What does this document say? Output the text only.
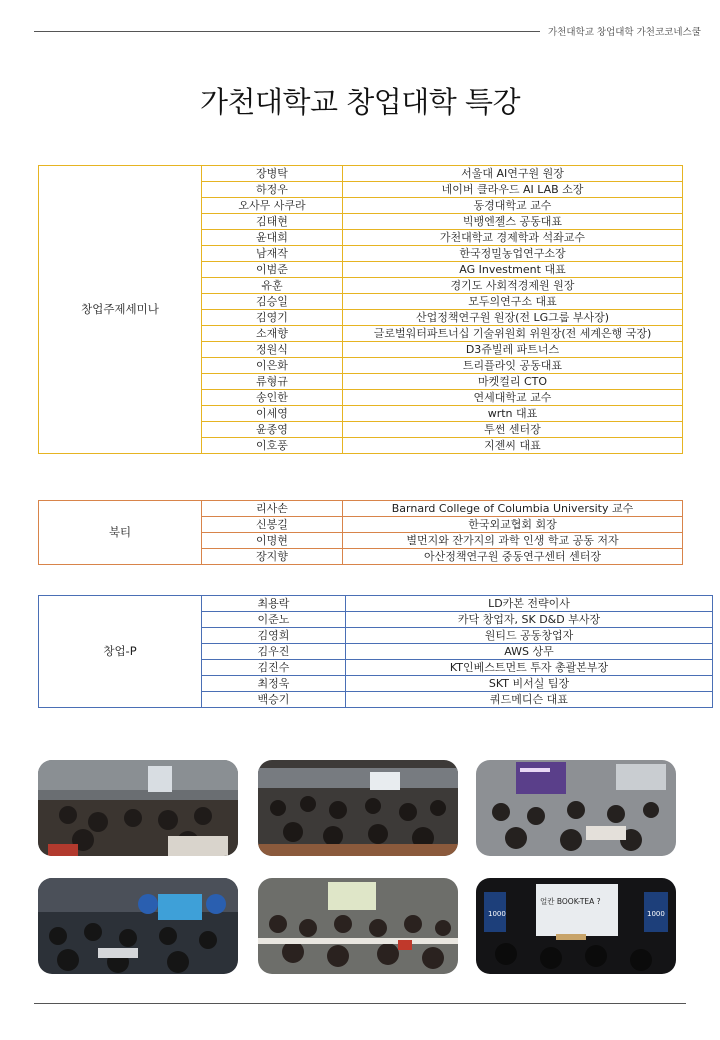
가천대학교 창업대학 가천코코네스쿨
가천대학교 창업대학 특강
창업주제세미나	장병탁	서울대 AI연구원 원장
	하정우	네이버 클라우드 AI LAB 소장
	오사무 사쿠라	동경대학교 교수
	김태현	빅뱅엔젤스 공동대표
	윤대희	가천대학교 경제학과 석좌교수
	남재작	한국정밀농업연구소장
	이범준	AG Investment 대표
	유훈	경기도 사회적경제원 원장
	김승일	모두의연구소 대표
	김영기	산업정책연구원 원장(전 LG그룹 부사장)
	소재향	글로벌워터파트너십 기술위원회 위원장(전 세계은행 국장)
	정원식	D3쥬빌레 파트너스
	이은화	트리플라잇 공동대표
	류형규	마켓컬리 CTO
	송인한	연세대학교 교수
	이세영	wrtn 대표
	윤종영	투썬 센터장
	이호풍	지젠씨 대표
북티	리사손	Barnard College of Columbia University 교수
	신봉길	한국외교협회 회장
	이명현	별먼지와 잔가지의 과학 인생 학교 공동 저자
	장지향	아산정책연구원 중동연구센터 센터장
창업-P	최용락	LD카본 전략이사
	이준노	카닥 창업자, SK D&D 부사장
	김영희	원티드 공동창업자
	김우진	AWS 상무
	김진수	KT인베스트먼트 투자 총괄본부장
	최정욱	SKT 비서실 팀장
	백승기	쿼드메디슨 대표
1000
얼칸 BOOK-TEA ?
1000
